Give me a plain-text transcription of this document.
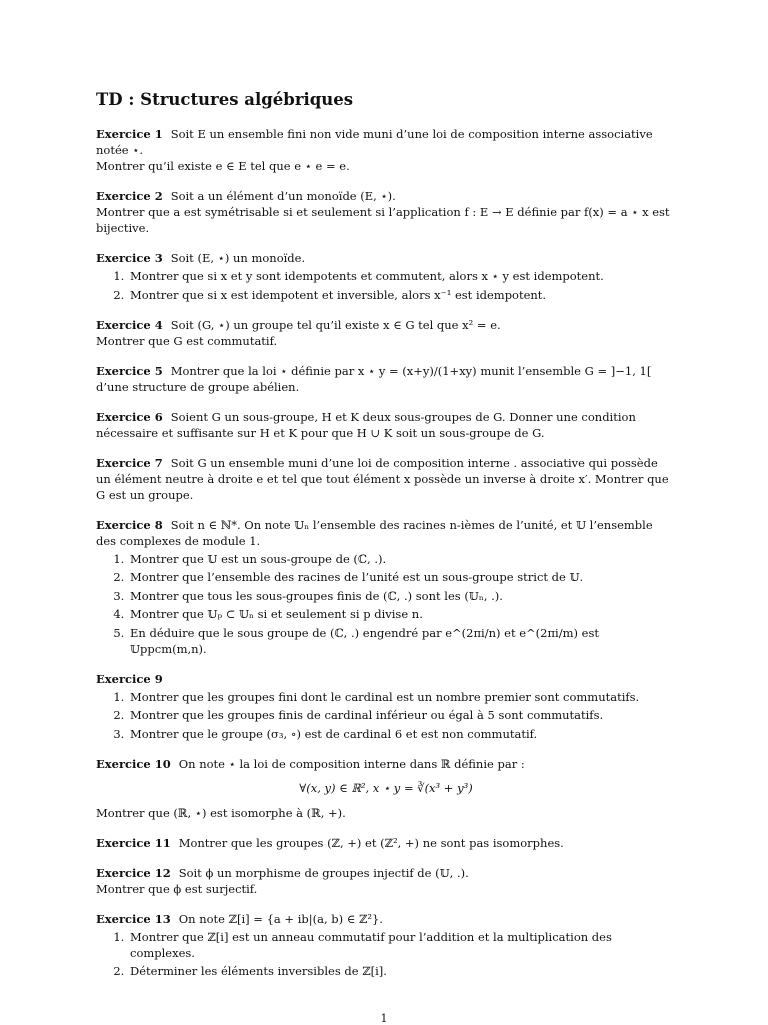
TD : Structures algébriques
Exercice 1 Soit E un ensemble fini non vide muni d’une loi de composition interne associative notée ⋆.
Montrer qu’il existe e ∈ E tel que e ⋆ e = e.
Exercice 2 Soit a un élément d’un monoïde (E, ⋆).
Montrer que a est symétrisable si et seulement si l’application f : E → E définie par f(x) = a ⋆ x est bijective.
Exercice 3 Soit (E, ⋆) un monoïde.
1. Montrer que si x et y sont idempotents et commutent, alors x ⋆ y est idempotent.
2. Montrer que si x est idempotent et inversible, alors x⁻¹ est idempotent.
Exercice 4 Soit (G, ⋆) un groupe tel qu’il existe x ∈ G tel que x² = e.
Montrer que G est commutatif.
Exercice 5 Montrer que la loi ⋆ définie par x ⋆ y = (x+y)/(1+xy) munit l’ensemble G = ]−1, 1[ d’une structure de groupe abélien.
Exercice 6 Soient G un sous-groupe, H et K deux sous-groupes de G. Donner une condition nécessaire et suffisante sur H et K pour que H ∪ K soit un sous-groupe de G.
Exercice 7 Soit G un ensemble muni d’une loi de composition interne . associative qui possède un élément neutre à droite e et tel que tout élément x possède un inverse à droite x′. Montrer que G est un groupe.
Exercice 8 Soit n ∈ ℕ*. On note 𝕌ₙ l’ensemble des racines n-ièmes de l’unité, et 𝕌 l’ensemble des complexes de module 1.
1. Montrer que 𝕌 est un sous-groupe de (ℂ, .).
2. Montrer que l’ensemble des racines de l’unité est un sous-groupe strict de 𝕌.
3. Montrer que tous les sous-groupes finis de (ℂ, .) sont les (𝕌ₙ, .).
4. Montrer que 𝕌ₚ ⊂ 𝕌ₙ si et seulement si p divise n.
5. En déduire que le sous groupe de (ℂ, .) engendré par e^(2πi/n) et e^(2πi/m) est 𝕌ppcm(m,n).
Exercice 9
1. Montrer que les groupes fini dont le cardinal est un nombre premier sont commutatifs.
2. Montrer que les groupes finis de cardinal inférieur ou égal à 5 sont commutatifs.
3. Montrer que le groupe (σ₃, ∘) est de cardinal 6 et est non commutatif.
Exercice 10 On note ⋆ la loi de composition interne dans ℝ définie par :
∀(x, y) ∈ ℝ², x ⋆ y = ∛(x³ + y³)
Montrer que (ℝ, ⋆) est isomorphe à (ℝ, +).
Exercice 11 Montrer que les groupes (ℤ, +) et (ℤ², +) ne sont pas isomorphes.
Exercice 12 Soit ϕ un morphisme de groupes injectif de (𝕌, .).
Montrer que ϕ est surjectif.
Exercice 13 On note ℤ[i] = {a + ib|(a, b) ∈ ℤ²}.
1. Montrer que ℤ[i] est un anneau commutatif pour l’addition et la multiplication des complexes.
2. Déterminer les éléments inversibles de ℤ[i].
1
